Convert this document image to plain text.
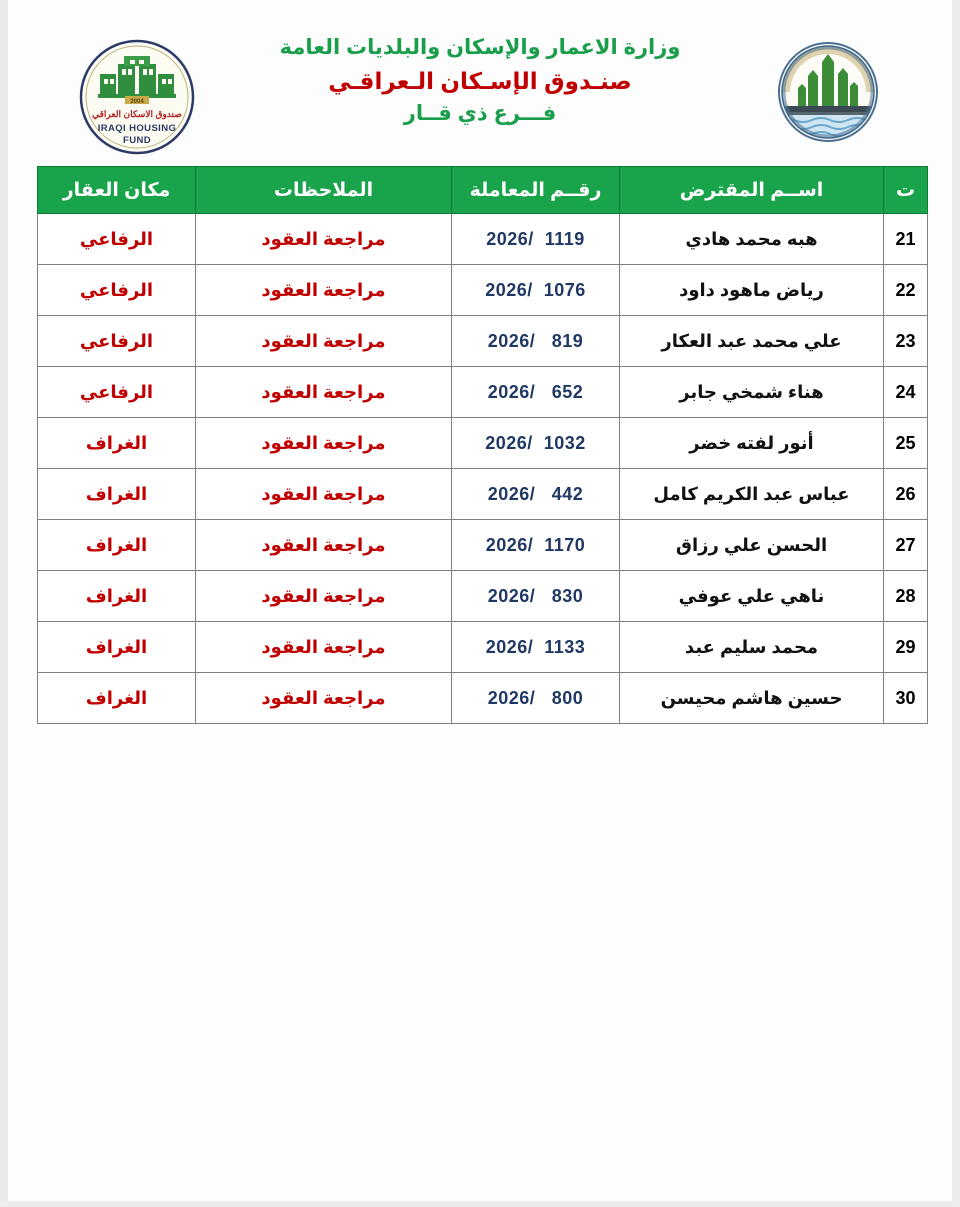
2004
صندوق الاسكان العراقي
IRAQI HOUSING
FUND
وزارة الاعمار والإسكان والبلديات العامة
صنـدوق الإسـكان الـعراقـي
فـــرع ذي قــار
ت	اســم المقترض	رقــم المعاملة	الملاحظات	مكان العقار
21	هبه محمد هادي	2026/  1119	مراجعة العقود	الرفاعي
22	رياض ماهود داود	2026/  1076	مراجعة العقود	الرفاعي
23	علي محمد عبد العكار	2026/   819	مراجعة العقود	الرفاعي
24	هناء شمخي جابر	2026/   652	مراجعة العقود	الرفاعي
25	أنور لفته خضر	2026/  1032	مراجعة العقود	الغراف
26	عباس عبد الكريم كامل	2026/   442	مراجعة العقود	الغراف
27	الحسن علي رزاق	2026/  1170	مراجعة العقود	الغراف
28	ناهي علي عوفي	2026/   830	مراجعة العقود	الغراف
29	محمد سليم عبد	2026/  1133	مراجعة العقود	الغراف
30	حسين هاشم محيسن	2026/   800	مراجعة العقود	الغراف
